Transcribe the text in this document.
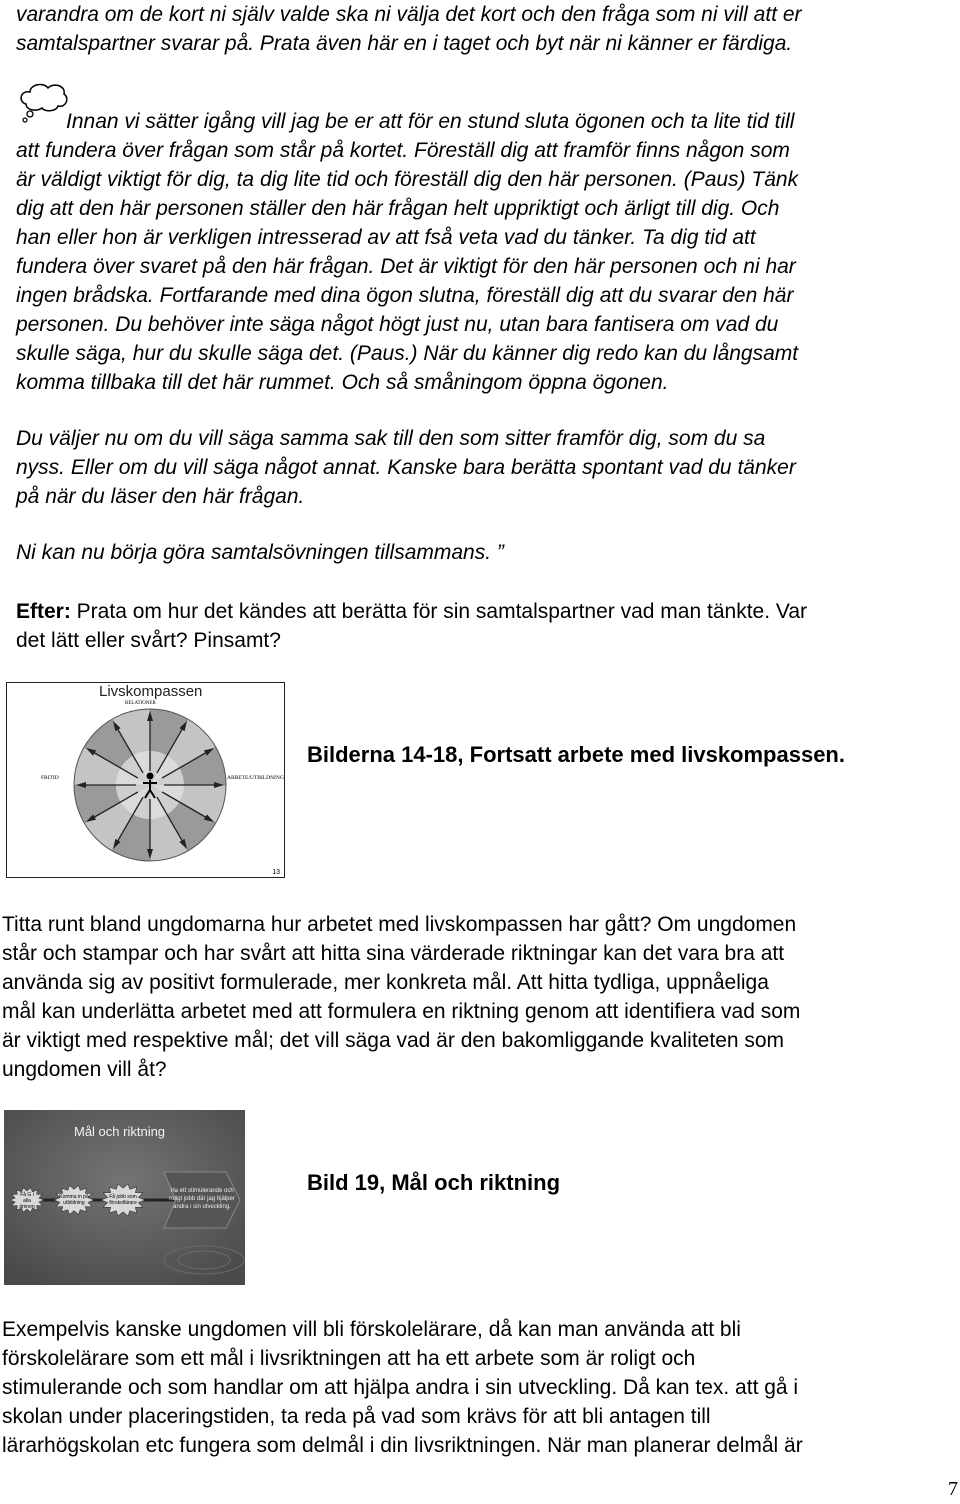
varandra om de kort ni själv valde ska ni välja det kort och den fråga som ni vill att er
samtalspartner svarar på. Prata även här en i taget och byt när ni känner er färdiga.
Innan vi sätter igång vill jag be er att för en stund sluta ögonen och ta lite tid till
att fundera över frågan som står på kortet. Föreställ dig att framför finns någon som
är väldigt viktigt för dig, ta dig lite tid och föreställ dig den här personen. (Paus) Tänk
dig att den här personen ställer den här frågan helt uppriktigt och ärligt till dig. Och
han eller hon är verkligen intresserad av att fså veta vad du tänker. Ta dig tid att
fundera över svaret på den här frågan. Det är viktigt för den här personen och ni har
ingen brådska. Fortfarande med dina ögon slutna, föreställ dig att du svarar den här
personen. Du behöver inte säga något högt just nu, utan bara fantisera om vad du
skulle säga, hur du skulle säga det. (Paus.) När du känner dig redo kan du långsamt
komma tillbaka till det här rummet. Och så småningom öppna ögonen.
Du väljer nu om du vill säga samma sak till den som sitter framför dig, som du sa
nyss. Eller om du vill säga något annat. Kanske bara berätta spontant vad du tänker
på när du läser den här frågan.
Ni kan nu börja göra samtalsövningen tillsammans. ”
Efter: Prata om hur det kändes att berätta för sin samtalspartner vad man tänkte. Var
det lätt eller svårt? Pinsamt?
Livskompassen
RELATIONER
FRITID	ARBETE/UTBILDNING
13
Bilderna 14-18, Fortsatt arbete med livskompassen.
Titta runt bland ungdomarna hur arbetet med livskompassen har gått? Om ungdomen
står och stampar och har svårt att hitta sina värderade riktningar kan det vara bra att
använda sig av positivt formulerade, mer konkreta mål. Att hitta tydliga, uppnåeliga
mål kan underlätta arbetet med att formulera en riktning genom att identifiera vad som
är viktigt med respektive mål; det vill säga vad är den bakomliggande kvaliteten som
ungdomen vill åt?
Mål och riktning
Få G i alla ämnen
Komma in på utbildning
Få jobb som förskollärare
Ha ett stimulerande och roligt jobb där jag hjälper andra i sin utveckling.
Bild 19, Mål och riktning
Exempelvis kanske ungdomen vill bli förskolelärare, då kan man använda att bli
förskolelärare som ett mål i livsriktningen att ha ett arbete som är roligt och
stimulerande och som handlar om att hjälpa andra i sin utveckling. Då kan tex. att gå i
skolan under placeringstiden, ta reda på vad som krävs för att bli antagen till
lärarhögskolan etc fungera som delmål i din livsriktningen. När man planerar delmål är
7
